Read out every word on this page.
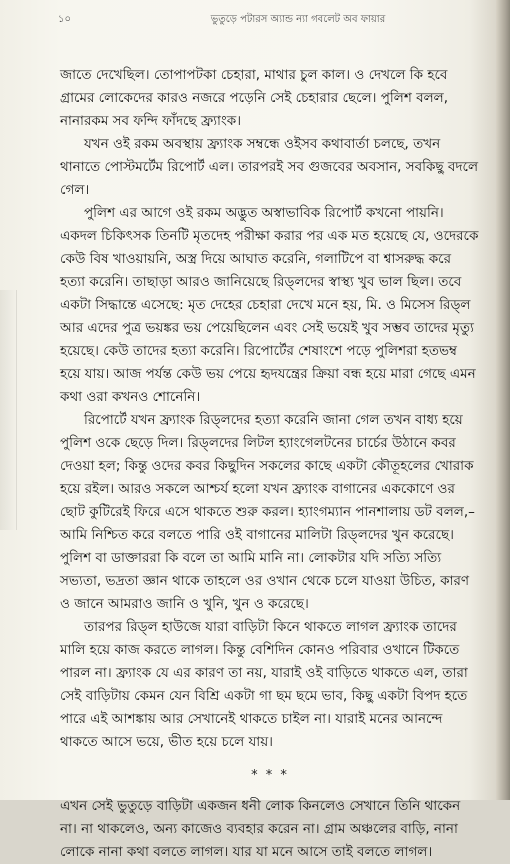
১০	ভুতুড়ে পটারস অ্যান্ড ন্যা গবলেট অব ফায়ার

জাতে দেখেছিল। তোপাপটকা চেহারা, মাথার চুল কাল। ও দেখলে কি হবে গ্রামের লোকেদের কারও নজরে পড়েনি সেই চেহারার ছেলে। পুলিশ বলল, নানারকম সব ফন্দি ফাঁদছে ফ্র্যাংক।

যখন ওই রকম অবস্থায় ফ্র্যাংক সম্বন্ধে ওইসব কথাবার্তা চলছে, তখন থানাতে পোস্টমর্টেম রিপোর্ট এল। তারপরই সব গুজবের অবসান, সবকিছু বদলে গেল।

পুলিশ এর আগে ওই রকম অদ্ভুত অস্বাভাবিক রিপোর্ট কখনো পায়নি। একদল চিকিৎসক তিনটি মৃতদেহ পরীক্ষা করার পর এক মত হয়েছে যে, ওদেরকে কেউ বিষ খাওয়ায়নি, অস্ত্র দিয়ে আঘাত করেনি, গলাটিপে বা শ্বাসরুদ্ধ করে হত্যা করেনি। তাছাড়া আরও জানিয়েছে রিড্লদের স্বাস্থ্য খুব ভাল ছিল। তবে একটা সিদ্ধান্তে এসেছে: মৃত দেহের চেহারা দেখে মনে হয়, মি. ও মিসেস রিড্ল আর এদের পুত্র ভয়ঙ্কর ভয় পেয়েছিলেন এবং সেই ভয়েই খুব সম্ভব তাদের মৃত্যু হয়েছে। কেউ তাদের হত্যা করেনি। রিপোর্টের শেষাংশে পড়ে পুলিশরা হতভম্ব হয়ে যায়। আজ পর্যন্ত কেউ ভয় পেয়ে হৃদযন্ত্রের ক্রিয়া বন্ধ হয়ে মারা গেছে এমন কথা ওরা কখনও শোনেনি।

রিপোর্টে যখন ফ্র্যাংক রিড্লদের হত্যা করেনি জানা গেল তখন বাধ্য হয়ে পুলিশ ওকে ছেড়ে দিল। রিড্লদের লিটল হ্যাংগেলটনের চার্চের উঠানে কবর দেওয়া হল; কিন্তু ওদের কবর কিছুদিন সকলের কাছে একটা কৌতূহলের খোরাক হয়ে রইল। আরও সকলে আশ্চর্য হলো যখন ফ্র্যাংক বাগানের এককোণে ওর ছোট কুটিরেই ফিরে এসে থাকতে শুরু করল। হ্যাংগম্যান পানশালায় ডট বলল,– আমি নিশ্চিত করে বলতে পারি ওই বাগানের মালিটা রিড্লদের খুন করেছে। পুলিশ বা ডাক্তাররা কি বলে তা আমি মানি না। লোকটার যদি সত্যি সত্যি সভ্যতা, ভদ্রতা জ্ঞান থাকে তাহলে ওর ওখান থেকে চলে যাওয়া উচিত, কারণ ও জানে আমরাও জানি ও খুনি, খুন ও করেছে।

তারপর রিড্ল হাউজে যারা বাড়িটা কিনে থাকতে লাগল ফ্র্যাংক তাদের মালি হয়ে কাজ করতে লাগল। কিন্তু বেশিদিন কোনও পরিবার ওখানে টিকতে পারল না। ফ্র্যাংক যে এর কারণ তা নয়, যারাই ওই বাড়িতে থাকতে এল, তারা সেই বাড়িটায় কেমন যেন বিশ্রি একটা গা ছম ছমে ভাব, কিছু একটা বিপদ হতে পারে এই আশঙ্কায় আর সেখানেই থাকতে চাইল না। যারাই মনের আনন্দে থাকতে আসে ভয়ে, ভীত হয়ে চলে যায়।

* * *

এখন সেই ভুতুড়ে বাড়িটা একজন ধনী লোক কিনলেও সেখানে তিনি থাকেন না। না থাকলেও, অন্য কাজেও ব্যবহার করেন না। গ্রাম অঞ্চলের বাড়ি, নানা লোকে নানা কথা বলতে লাগল। যার যা মনে আসে তাই বলতে লাগল।
